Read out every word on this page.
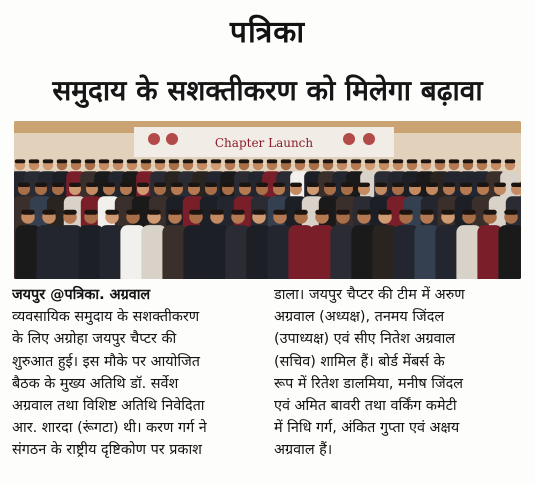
पत्रिका
समुदाय के सशक्तीकरण को मिलेगा बढ़ावा
Chapter Launch
जयपुर @पत्रिका. अग्रवाल
व्यवसायिक समुदाय के सशक्तीकरण
के लिए अग्रोहा जयपुर चैप्टर की
शुरुआत हुई। इस मौके पर आयोजित
बैठक के मुख्य अतिथि डॉ. सर्वेश
अग्रवाल तथा विशिष्ट अतिथि निवेदिता
आर. शारदा (रूंगटा) थी। करण गर्ग ने
संगठन के राष्ट्रीय दृष्टिकोण पर प्रकाश
डाला। जयपुर चैप्टर की टीम में अरुण
अग्रवाल (अध्यक्ष), तनमय जिंदल
(उपाध्यक्ष) एवं सीए नितेश अग्रवाल
(सचिव) शामिल हैं। बोर्ड मेंबर्स के
रूप में रितेश डालमिया, मनीष जिंदल
एवं अमित बावरी तथा वर्किंग कमेटी
में निधि गर्ग, अंकित गुप्ता एवं अक्षय
अग्रवाल हैं।
